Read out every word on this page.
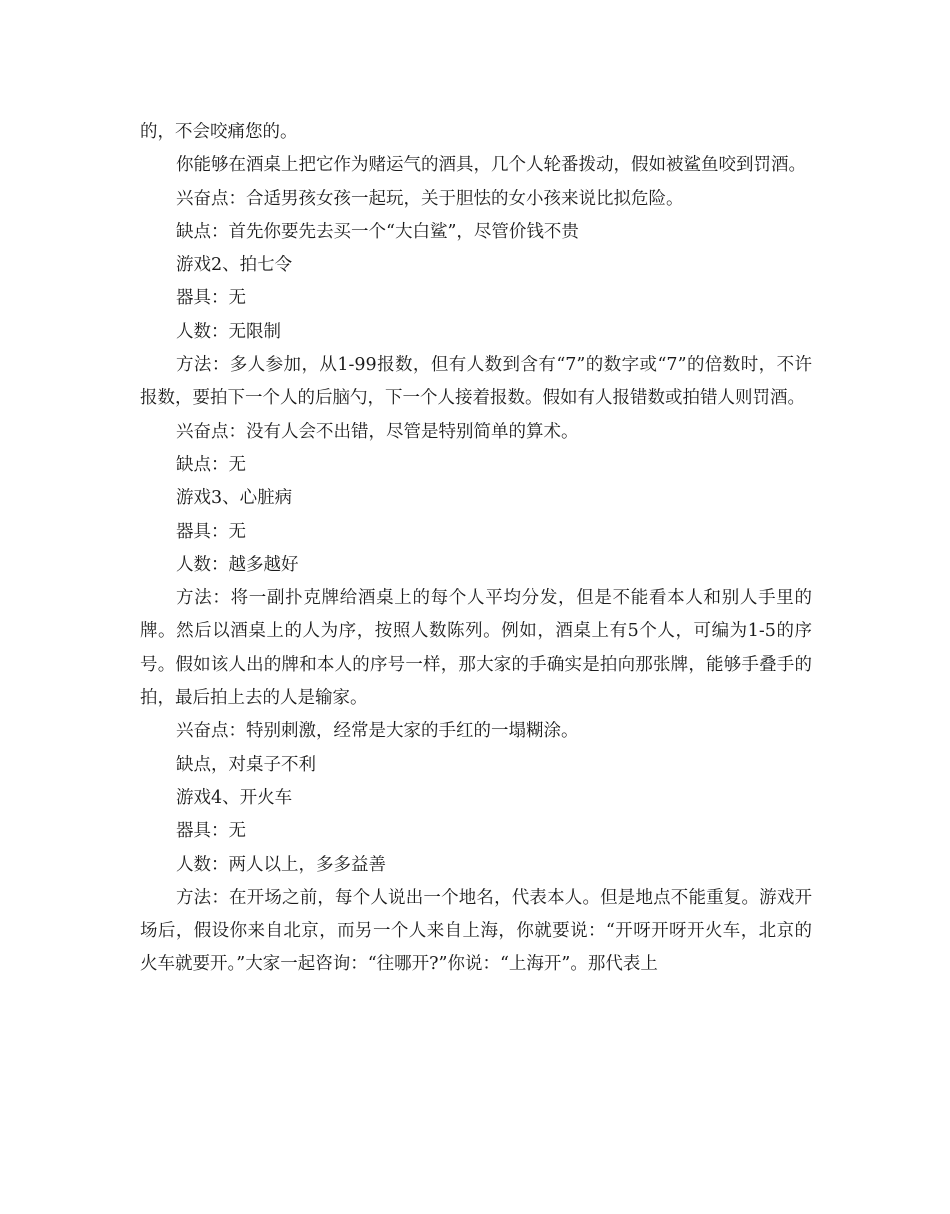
的，不会咬痛您的。

你能够在酒桌上把它作为赌运气的酒具，几个人轮番拨动，假如被鲨鱼咬到罚酒。

兴奋点：合适男孩女孩一起玩，关于胆怯的女小孩来说比拟危险。

缺点：首先你要先去买一个“大白鲨”，尽管价钱不贵

游戏2、拍七令

器具：无

人数：无限制

方法：多人参加，从1-99报数，但有人数到含有“7”的数字或“7”的倍数时，不许报数，要拍下一个人的后脑勺，下一个人接着报数。假如有人报错数或拍错人则罚酒。

兴奋点：没有人会不出错，尽管是特别简单的算术。

缺点：无

游戏3、心脏病

器具：无

人数：越多越好

方法：将一副扑克牌给酒桌上的每个人平均分发，但是不能看本人和别人手里的牌。然后以酒桌上的人为序，按照人数陈列。例如，酒桌上有5个人，可编为1-5的序号。假如该人出的牌和本人的序号一样，那大家的手确实是拍向那张牌，能够手叠手的拍，最后拍上去的人是输家。

兴奋点：特别刺激，经常是大家的手红的一塌糊涂。

缺点，对桌子不利

游戏4、开火车

器具：无

人数：两人以上，多多益善

方法：在开场之前，每个人说出一个地名，代表本人。但是地点不能重复。游戏开场后，假设你来自北京，而另一个人来自上海，你就要说：“开呀开呀开火车，北京的火车就要开。”大家一起咨询：“往哪开?”你说：“上海开”。那代表上
